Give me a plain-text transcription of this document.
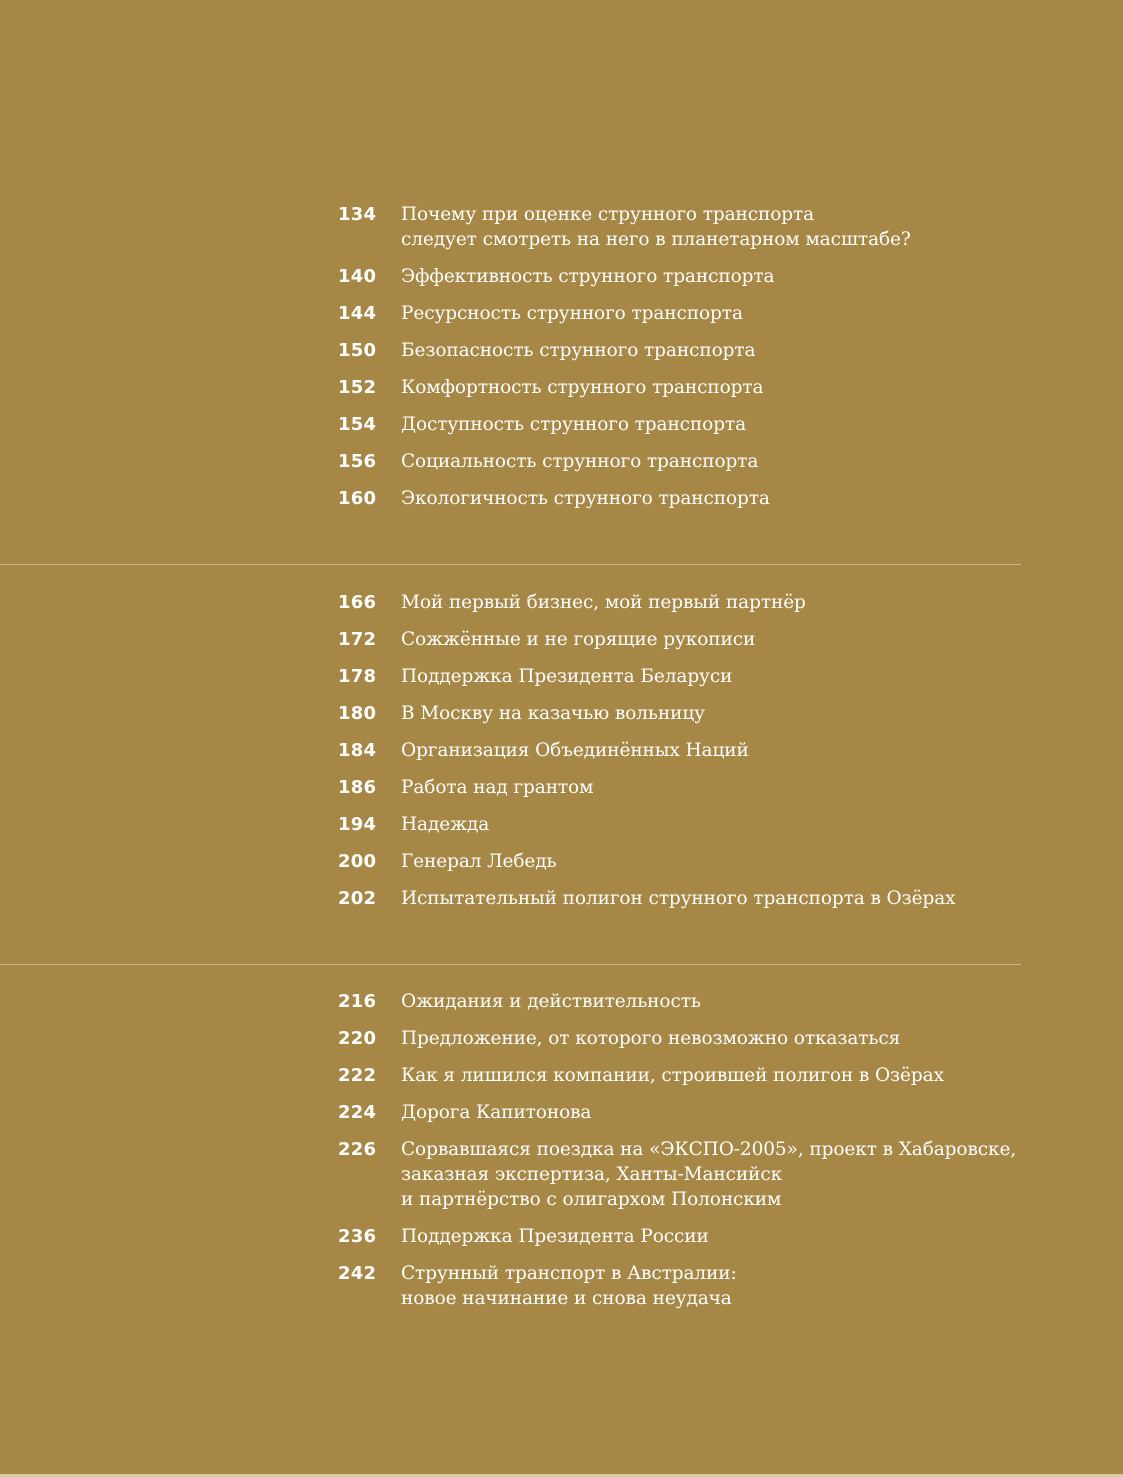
134	Почему при оценке струнного транспорта
следует смотреть на него в планетарном масштабе?
140	Эффективность струнного транспорта
144	Ресурсность струнного транспорта
150	Безопасность струнного транспорта
152	Комфортность струнного транспорта
154	Доступность струнного транспорта
156	Социальность струнного транспорта
160	Экологичность струнного транспорта
166	Мой первый бизнес, мой первый партнёр
172	Сожжённые и не горящие рукописи
178	Поддержка Президента Беларуси
180	В Москву на казачью вольницу
184	Организация Объединённых Наций
186	Работа над грантом
194	Надежда
200	Генерал Лебедь
202	Испытательный полигон струнного транспорта в Озёрах
216	Ожидания и действительность
220	Предложение, от которого невозможно отказаться
222	Как я лишился компании, строившей полигон в Озёрах
224	Дорога Капитонова
226	Сорвавшаяся поездка на «ЭКСПО-2005», проект в Хабаровске,
заказная экспертиза, Ханты-Мансийск
и партнёрство с олигархом Полонским
236	Поддержка Президента России
242	Струнный транспорт в Австралии:
новое начинание и снова неудача
